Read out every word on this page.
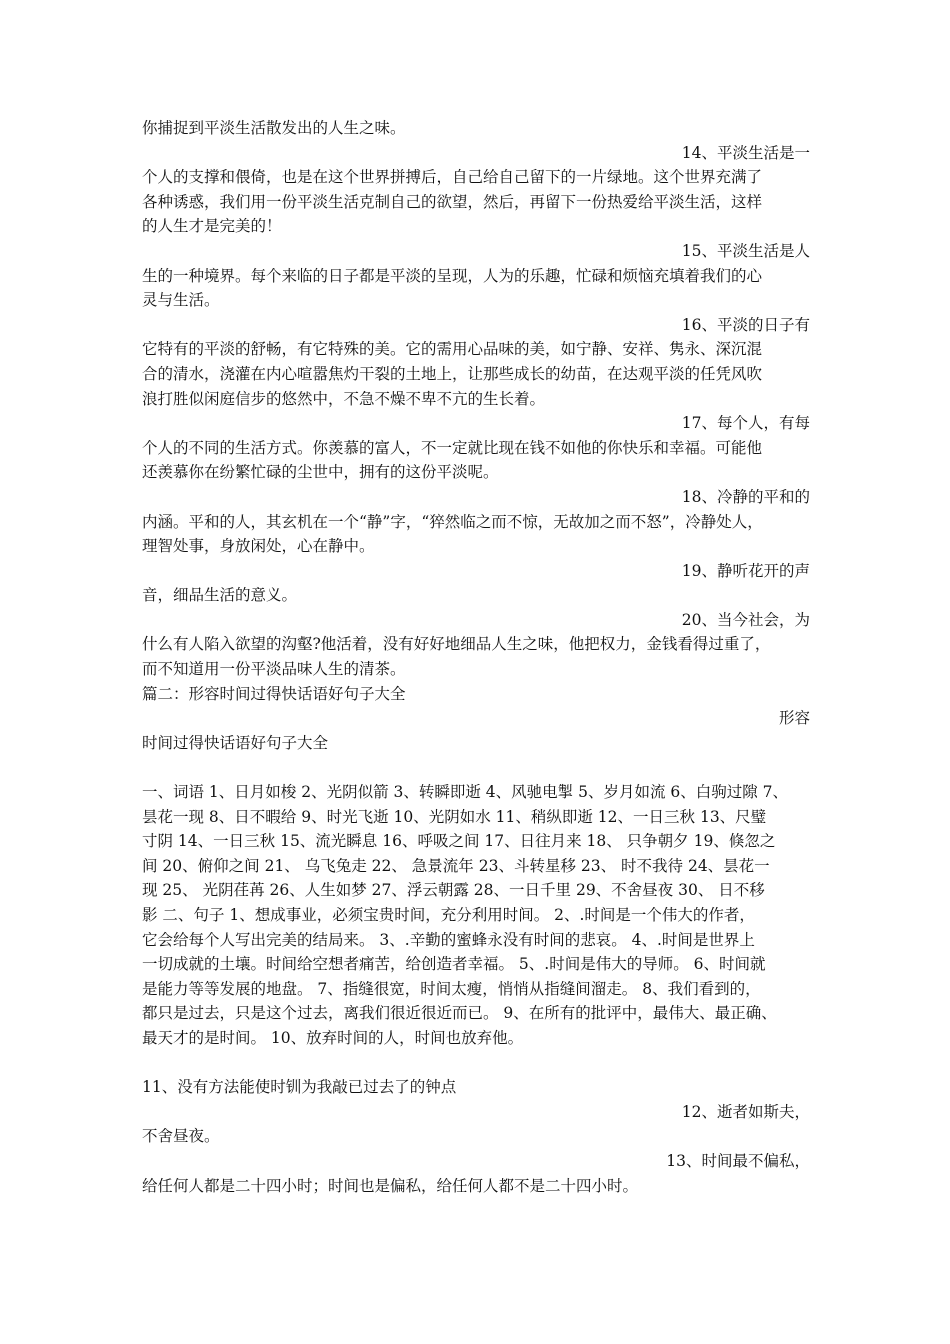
你捕捉到平淡生活散发出的人生之味。
14、平淡生活是一
个人的支撑和偎倚，也是在这个世界拼搏后，自己给自己留下的一片绿地。这个世界充满了
各种诱惑，我们用一份平淡生活克制自己的欲望，然后，再留下一份热爱给平淡生活，这样
的人生才是完美的！
15、平淡生活是人
生的一种境界。每个来临的日子都是平淡的呈现，人为的乐趣，忙碌和烦恼充填着我们的心
灵与生活。
16、平淡的日子有
它特有的平淡的舒畅，有它特殊的美。它的需用心品味的美，如宁静、安祥、隽永、深沉混
合的清水，浇灌在内心喧嚣焦灼干裂的土地上，让那些成长的幼苗，在达观平淡的任凭风吹
浪打胜似闲庭信步的悠然中，不急不燥不卑不亢的生长着。
17、每个人，有每
个人的不同的生活方式。你羡慕的富人，不一定就比现在钱不如他的你快乐和幸福。可能他
还羡慕你在纷繁忙碌的尘世中，拥有的这份平淡呢。
18、冷静的平和的
内涵。平和的人，其玄机在一个“静”字，“猝然临之而不惊，无故加之而不怒”，冷静处人，
理智处事，身放闲处，心在静中。
19、静听花开的声
音，细品生活的意义。
20、当今社会，为
什么有人陷入欲望的沟壑?他活着，没有好好地细品人生之味，他把权力，金钱看得过重了，
而不知道用一份平淡品味人生的清茶。
篇二：形容时间过得快话语好句子大全
形容
时间过得快话语好句子大全
一、词语 1、日月如梭 2、光阴似箭 3、转瞬即逝 4、风驰电掣 5、岁月如流 6、白驹过隙 7、
昙花一现 8、日不暇给 9、时光飞逝 10、光阴如水 11、稍纵即逝 12、一日三秋 13、尺璧
寸阴 14、一日三秋 15、流光瞬息 16、呼吸之间 17、日往月来 18、 只争朝夕 19、倏忽之
间 20、俯仰之间 21、 乌飞兔走 22、 急景流年 23、斗转星移 23、 时不我待 24、昙花一
现 25、 光阴荏苒 26、人生如梦 27、浮云朝露 28、一日千里 29、不舍昼夜 30、 日不移
影 二、句子 1、想成事业，必须宝贵时间，充分利用时间。 2、.时间是一个伟大的作者，
它会给每个人写出完美的结局来。 3、.辛勤的蜜蜂永没有时间的悲哀。 4、.时间是世界上
一切成就的土壤。时间给空想者痛苦，给创造者幸福。 5、.时间是伟大的导师。 6、时间就
是能力等等发展的地盘。 7、指缝很宽，时间太瘦，悄悄从指缝间溜走。 8、我们看到的，
都只是过去，只是这个过去，离我们很近很近而已。 9、在所有的批评中，最伟大、最正确、
最天才的是时间。 10、放弃时间的人，时间也放弃他。
11、没有方法能使时钏为我敲已过去了的钟点
12、逝者如斯夫，
不舍昼夜。
13、时间最不偏私，
给任何人都是二十四小时；时间也是偏私，给任何人都不是二十四小时。
